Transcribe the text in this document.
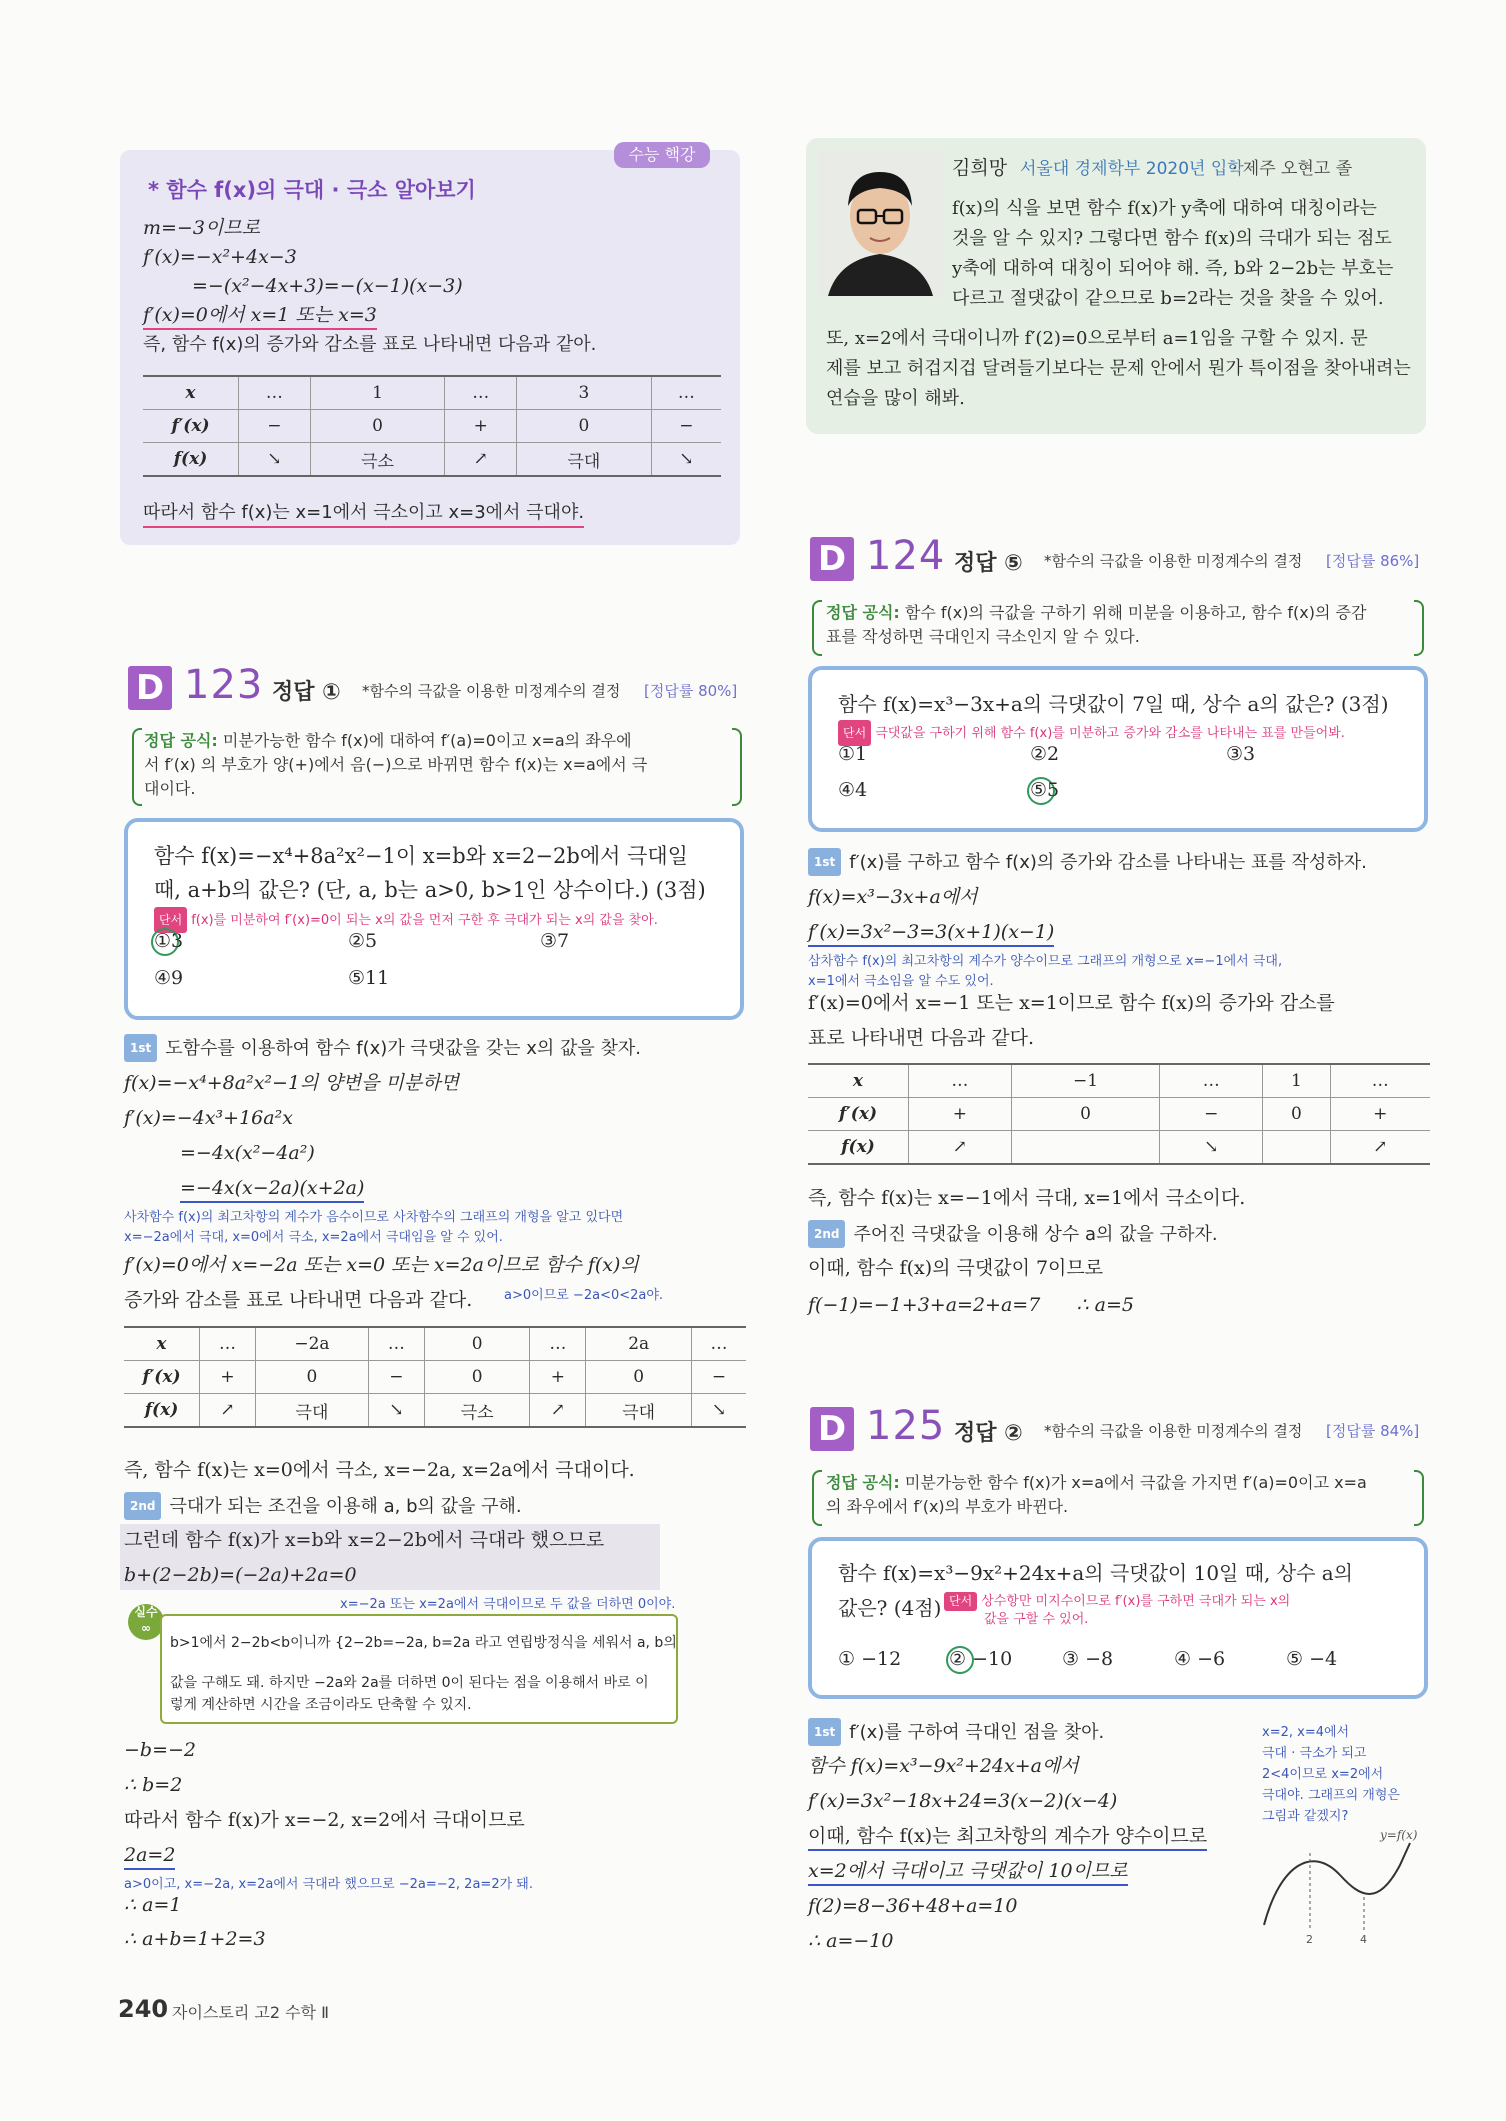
수능 핵강
* 함수 f(x)의 극대 · 극소 알아보기
m=−3이므로
f′(x)=−x²+4x−3
=−(x²−4x+3)=−(x−1)(x−3)
f′(x)=0에서 x=1 또는 x=3
즉, 함수 f(x)의 증가와 감소를 표로 나타내면 다음과 같아.
x	…	1	…	3	…
f′(x)	−	0	+	0	−
f(x)	↘	극소	↗	극대	↘
따라서 함수 f(x)는 x=1에서 극소이고 x=3에서 극대야.
김희망 서울대 경제학부 2020년 입학
· 제주 오현고 졸
f(x)의 식을 보면 함수 f(x)가 y축에 대하여 대칭이라는
것을 알 수 있지? 그렇다면 함수 f(x)의 극대가 되는 점도
y축에 대하여 대칭이 되어야 해. 즉, b와 2−2b는 부호는
다르고 절댓값이 같으므로 b=2라는 것을 찾을 수 있어.
또, x=2에서 극대이니까 f′(2)=0으로부터 a=1임을 구할 수 있지. 문
제를 보고 허겁지겁 달려들기보다는 문제 안에서 뭔가 특이점을 찾아내려는
연습을 많이 해봐.
D 123 정답 ① *함수의 극값을 이용한 미정계수의 결정 [정답률 80%]
정답 공식: 미분가능한 함수 f(x)에 대하여 f′(a)=0이고 x=a의 좌우에
서 f′(x) 의 부호가 양(+)에서 음(−)으로 바뀌면 함수 f(x)는 x=a에서 극
대이다.
함수 f(x)=−x⁴+8a²x²−1이 x=b와 x=2−2b에서 극대일
때, a+b의 값은? (단, a, b는 a>0, b>1인 상수이다.) (3점)
단서 f(x)를 미분하여 f′(x)=0이 되는 x의 값을 먼저 구한 후 극대가 되는 x의 값을 찾아.
①3	②5	③7
④9	⑤11
1st 도함수를 이용하여 함수 f(x)가 극댓값을 갖는 x의 값을 찾자.
f(x)=−x⁴+8a²x²−1의 양변을 미분하면
f′(x)=−4x³+16a²x
=−4x(x²−4a²)
=−4x(x−2a)(x+2a)
사차함수 f(x)의 최고차항의 계수가 음수이므로 사차함수의 그래프의 개형을 알고 있다면
x=−2a에서 극대, x=0에서 극소, x=2a에서 극대임을 알 수 있어.
f′(x)=0에서 x=−2a 또는 x=0 또는 x=2a이므로 함수 f(x)의
증가와 감소를 표로 나타내면 다음과 같다. a>0이므로 −2a<0<2a야.
x	…	−2a	…	0	…	2a	…
f′(x)	+	0	−	0	+	0	−
f(x)	↗	극대	↘	극소	↗	극대	↘
즉, 함수 f(x)는 x=0에서 극소, x=−2a, x=2a에서 극대이다.
2nd 극대가 되는 조건을 이용해 a, b의 값을 구해.
그런데 함수 f(x)가 x=b와 x=2−2b에서 극대라 했으므로
b+(2−2b)=(−2a)+2a=0
x=−2a 또는 x=2a에서 극대이므로 두 값을 더하면 0이야.
실수 ∞
b>1에서 2−2b<b이니까 {2−2b=−2a, b=2a 라고 연립방정식을 세워서 a, b의
값을 구해도 돼. 하지만 −2a와 2a를 더하면 0이 된다는 점을 이용해서 바로 이
렇게 계산하면 시간을 조금이라도 단축할 수 있지.
−b=−2
∴ b=2
따라서 함수 f(x)가 x=−2, x=2에서 극대이므로
2a=2
a>0이고, x=−2a, x=2a에서 극대라 했으므로 −2a=−2, 2a=2가 돼.
∴ a=1
∴ a+b=1+2=3
D 124 정답 ⑤ *함수의 극값을 이용한 미정계수의 결정 [정답률 86%]
정답 공식: 함수 f(x)의 극값을 구하기 위해 미분을 이용하고, 함수 f(x)의 증감
표를 작성하면 극대인지 극소인지 알 수 있다.
함수 f(x)=x³−3x+a의 극댓값이 7일 때, 상수 a의 값은? (3점)
단서 극댓값을 구하기 위해 함수 f(x)를 미분하고 증가와 감소를 나타내는 표를 만들어봐.
①1	②2	③3
④4	⑤5
1st f′(x)를 구하고 함수 f(x)의 증가와 감소를 나타내는 표를 작성하자.
f(x)=x³−3x+a에서
f′(x)=3x²−3=3(x+1)(x−1)
삼차함수 f(x)의 최고차항의 계수가 양수이므로 그래프의 개형으로 x=−1에서 극대,
x=1에서 극소임을 알 수도 있어.
f′(x)=0에서 x=−1 또는 x=1이므로 함수 f(x)의 증가와 감소를
표로 나타내면 다음과 같다.
x	…	−1	…	1	…
f′(x)	+	0	−	0	+
f(x)	↗		↘		↗
즉, 함수 f(x)는 x=−1에서 극대, x=1에서 극소이다.
2nd 주어진 극댓값을 이용해 상수 a의 값을 구하자.
이때, 함수 f(x)의 극댓값이 7이므로
f(−1)=−1+3+a=2+a=7      ∴ a=5
D 125 정답 ② *함수의 극값을 이용한 미정계수의 결정 [정답률 84%]
정답 공식: 미분가능한 함수 f(x)가 x=a에서 극값을 가지면 f′(a)=0이고 x=a
의 좌우에서 f′(x)의 부호가 바뀐다.
함수 f(x)=x³−9x²+24x+a의 극댓값이 10일 때, 상수 a의
값은? (4점) 단서 상수항만 미지수이므로 f′(x)를 구하면 극대가 되는 x의
값을 구할 수 있어.
① −12	② −10	③ −8	④ −6	⑤ −4
1st f′(x)를 구하여 극대인 점을 찾아.
함수 f(x)=x³−9x²+24x+a에서
f′(x)=3x²−18x+24=3(x−2)(x−4)
이때, 함수 f(x)는 최고차항의 계수가 양수이므로
x=2에서 극대이고 극댓값이 10이므로
f(2)=8−36+48+a=10
∴ a=−10
x=2, x=4에서
극대 · 극소가 되고
2<4이므로 x=2에서
극대야. 그래프의 개형은
그림과 같겠지?
y=f(x)
2	4
240 자이스토리 고2 수학 Ⅱ
